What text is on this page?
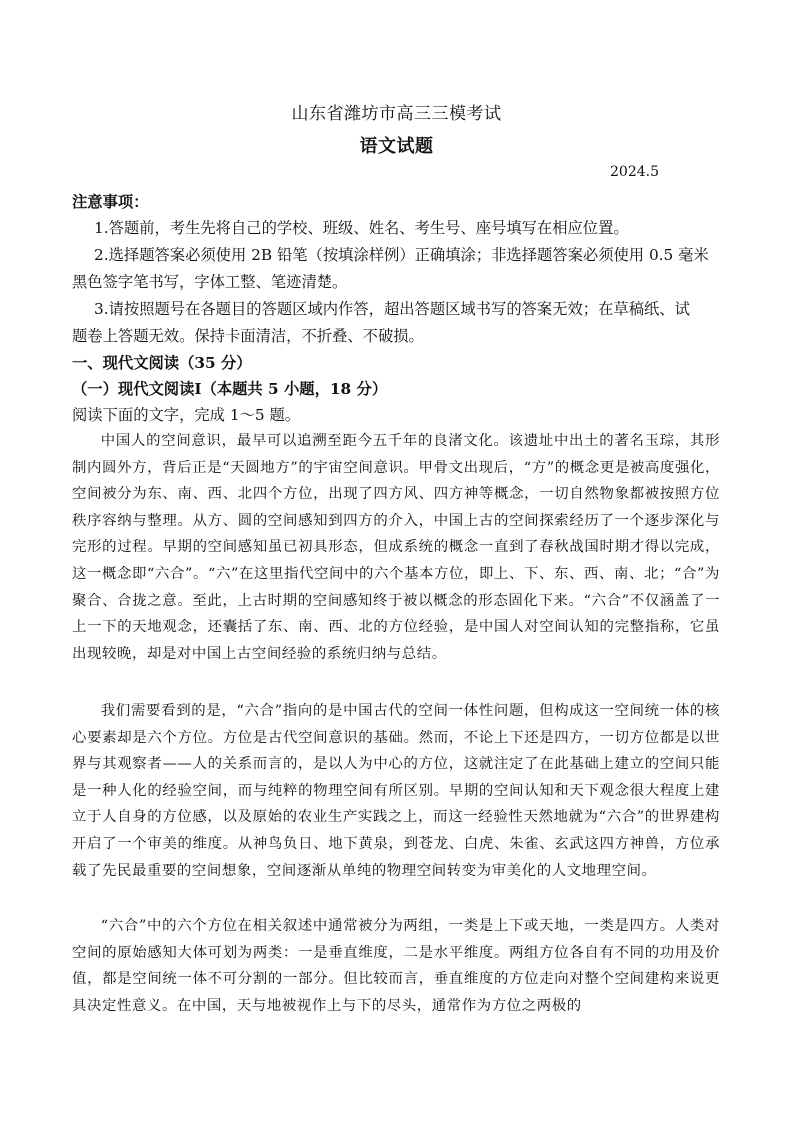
山东省潍坊市高三三模考试
语文试题
2024.5
注意事项：
1.答题前，考生先将自己的学校、班级、姓名、考生号、座号填写在相应位置。
2.选择题答案必须使用 2B 铅笔（按填涂样例）正确填涂；非选择题答案必须使用 0.5 毫米
黑色签字笔书写，字体工整、笔迹清楚。
3.请按照题号在各题目的答题区域内作答，超出答题区域书写的答案无效；在草稿纸、试
题卷上答题无效。保持卡面清洁，不折叠、不破损。
一、现代文阅读（35 分）
（一）现代文阅读Ⅰ（本题共 5 小题，18 分）
阅读下面的文字，完成 1～5 题。

中国人的空间意识，最早可以追溯至距今五千年的良渚文化。该遗址中出土的著名玉琮，其形制内圆外方，背后正是“天圆地方”的宇宙空间意识。甲骨文出现后，“方”的概念更是被高度强化，空间被分为东、南、西、北四个方位，出现了四方风、四方神等概念，一切自然物象都被按照方位秩序容纳与整理。从方、圆的空间感知到四方的介入，中国上古的空间探索经历了一个逐步深化与完形的过程。早期的空间感知虽已初具形态，但成系统的概念一直到了春秋战国时期才得以完成，这一概念即“六合”。“六”在这里指代空间中的六个基本方位，即上、下、东、西、南、北；“合”为聚合、合拢之意。至此，上古时期的空间感知终于被以概念的形态固化下来。“六合”不仅涵盖了一上一下的天地观念，还囊括了东、南、西、北的方位经验，是中国人对空间认知的完整指称，它虽出现较晚，却是对中国上古空间经验的系统归纳与总结。

我们需要看到的是，“六合”指向的是中国古代的空间一体性问题，但构成这一空间统一体的核心要素却是六个方位。方位是古代空间意识的基础。然而，不论上下还是四方，一切方位都是以世界与其观察者——人的关系而言的，是以人为中心的方位，这就注定了在此基础上建立的空间只能是一种人化的经验空间，而与纯粹的物理空间有所区别。早期的空间认知和天下观念很大程度上建立于人自身的方位感，以及原始的农业生产实践之上，而这一经验性天然地就为“六合”的世界建构开启了一个审美的维度。从神鸟负日、地下黄泉，到苍龙、白虎、朱雀、玄武这四方神兽，方位承载了先民最重要的空间想象，空间逐渐从单纯的物理空间转变为审美化的人文地理空间。

“六合”中的六个方位在相关叙述中通常被分为两组，一类是上下或天地，一类是四方。人类对空间的原始感知大体可划为两类：一是垂直维度，二是水平维度。两组方位各自有不同的功用及价值，都是空间统一体不可分割的一部分。但比较而言，垂直维度的方位走向对整个空间建构来说更具决定性意义。在中国，天与地被视作上与下的尽头，通常作为方位之两极的
